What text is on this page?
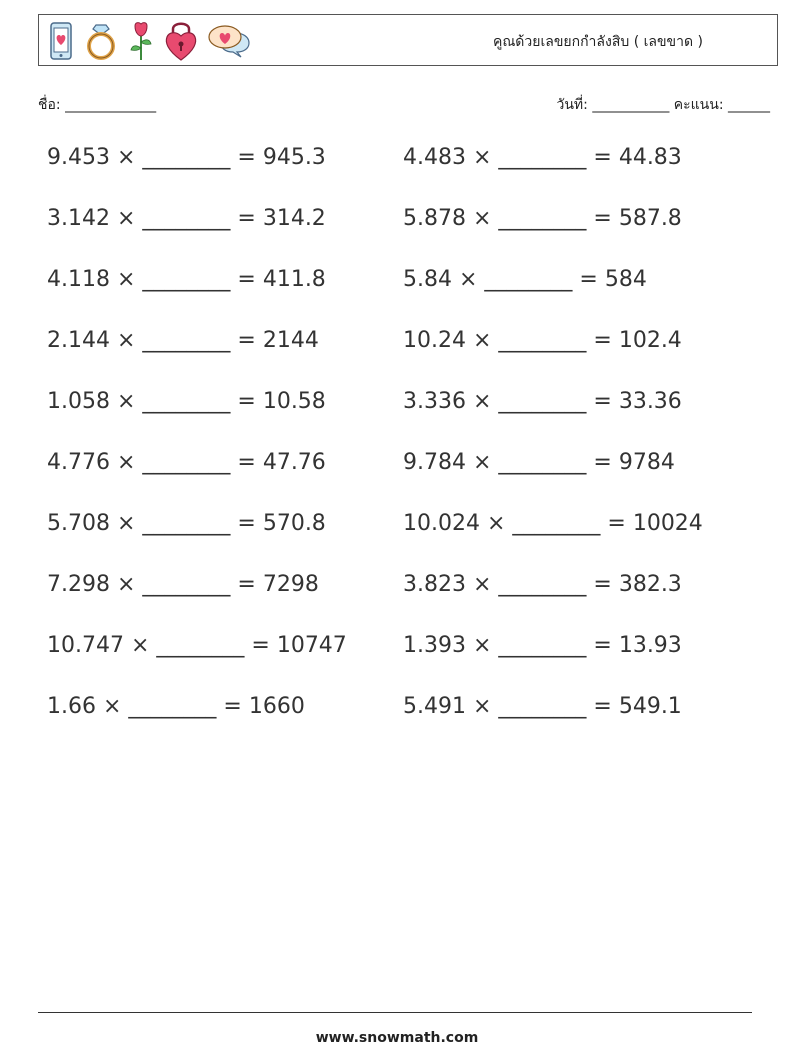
คูณด้วยเลขยกกำลังสิบ ( เลขขาด )
ชื่อ: _____________	วันที่: ___________ คะแนน: ______
9.453 × ________ = 945.3
3.142 × ________ = 314.2
4.118 × ________ = 411.8
2.144 × ________ = 2144
1.058 × ________ = 10.58
4.776 × ________ = 47.76
5.708 × ________ = 570.8
7.298 × ________ = 7298
10.747 × ________ = 10747
1.66 × ________ = 1660
4.483 × ________ = 44.83
5.878 × ________ = 587.8
5.84 × ________ = 584
10.24 × ________ = 102.4
3.336 × ________ = 33.36
9.784 × ________ = 9784
10.024 × ________ = 10024
3.823 × ________ = 382.3
1.393 × ________ = 13.93
5.491 × ________ = 549.1
www.snowmath.com
